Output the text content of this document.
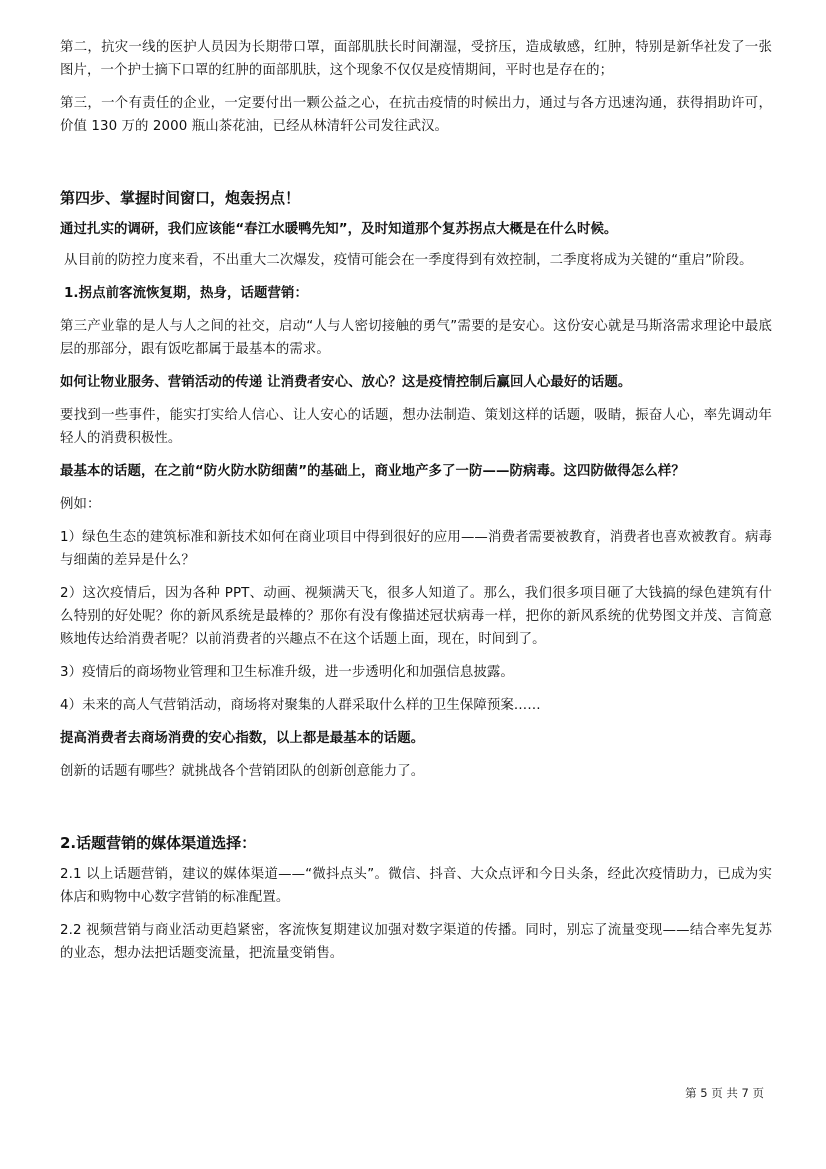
第二，抗灾一线的医护人员因为长期带口罩，面部肌肤长时间潮湿，受挤压，造成敏感，红肿，特别是新华社发了一张图片，一个护士摘下口罩的红肿的面部肌肤，这个现象不仅仅是疫情期间，平时也是存在的；

第三，一个有责任的企业，一定要付出一颗公益之心，在抗击疫情的时候出力，通过与各方迅速沟通，获得捐助许可，价值 130 万的 2000 瓶山茶花油，已经从林清轩公司发往武汉。

第四步、掌握时间窗口，炮轰拐点！

通过扎实的调研，我们应该能“春江水暖鸭先知”，及时知道那个复苏拐点大概是在什么时候。

从目前的防控力度来看，不出重大二次爆发，疫情可能会在一季度得到有效控制，二季度将成为关键的“重启”阶段。

1.拐点前客流恢复期，热身，话题营销：

第三产业靠的是人与人之间的社交，启动“人与人密切接触的勇气”需要的是安心。这份安心就是马斯洛需求理论中最底层的那部分，跟有饭吃都属于最基本的需求。

如何让物业服务、营销活动的传递 让消费者安心、放心？这是疫情控制后赢回人心最好的话题。

要找到一些事件，能实打实给人信心、让人安心的话题，想办法制造、策划这样的话题，吸睛，振奋人心，率先调动年轻人的消费积极性。

最基本的话题，在之前“防火防水防细菌”的基础上，商业地产多了一防——防病毒。这四防做得怎么样？

例如：

1）绿色生态的建筑标准和新技术如何在商业项目中得到很好的应用——消费者需要被教育，消费者也喜欢被教育。病毒与细菌的差异是什么？

2）这次疫情后，因为各种 PPT、动画、视频满天飞，很多人知道了。那么，我们很多项目砸了大钱搞的绿色建筑有什么特别的好处呢？你的新风系统是最棒的？那你有没有像描述冠状病毒一样，把你的新风系统的优势图文并茂、言简意赅地传达给消费者呢？以前消费者的兴趣点不在这个话题上面，现在，时间到了。

3）疫情后的商场物业管理和卫生标准升级，进一步透明化和加强信息披露。

4）未来的高人气营销活动，商场将对聚集的人群采取什么样的卫生保障预案……

提高消费者去商场消费的安心指数，以上都是最基本的话题。

创新的话题有哪些？就挑战各个营销团队的创新创意能力了。

2.话题营销的媒体渠道选择：

2.1 以上话题营销，建议的媒体渠道——“微抖点头”。微信、抖音、大众点评和今日头条，经此次疫情助力，已成为实体店和购物中心数字营销的标准配置。

2.2 视频营销与商业活动更趋紧密，客流恢复期建议加强对数字渠道的传播。同时，别忘了流量变现——结合率先复苏的业态，想办法把话题变流量，把流量变销售。

第 5 页 共 7 页
